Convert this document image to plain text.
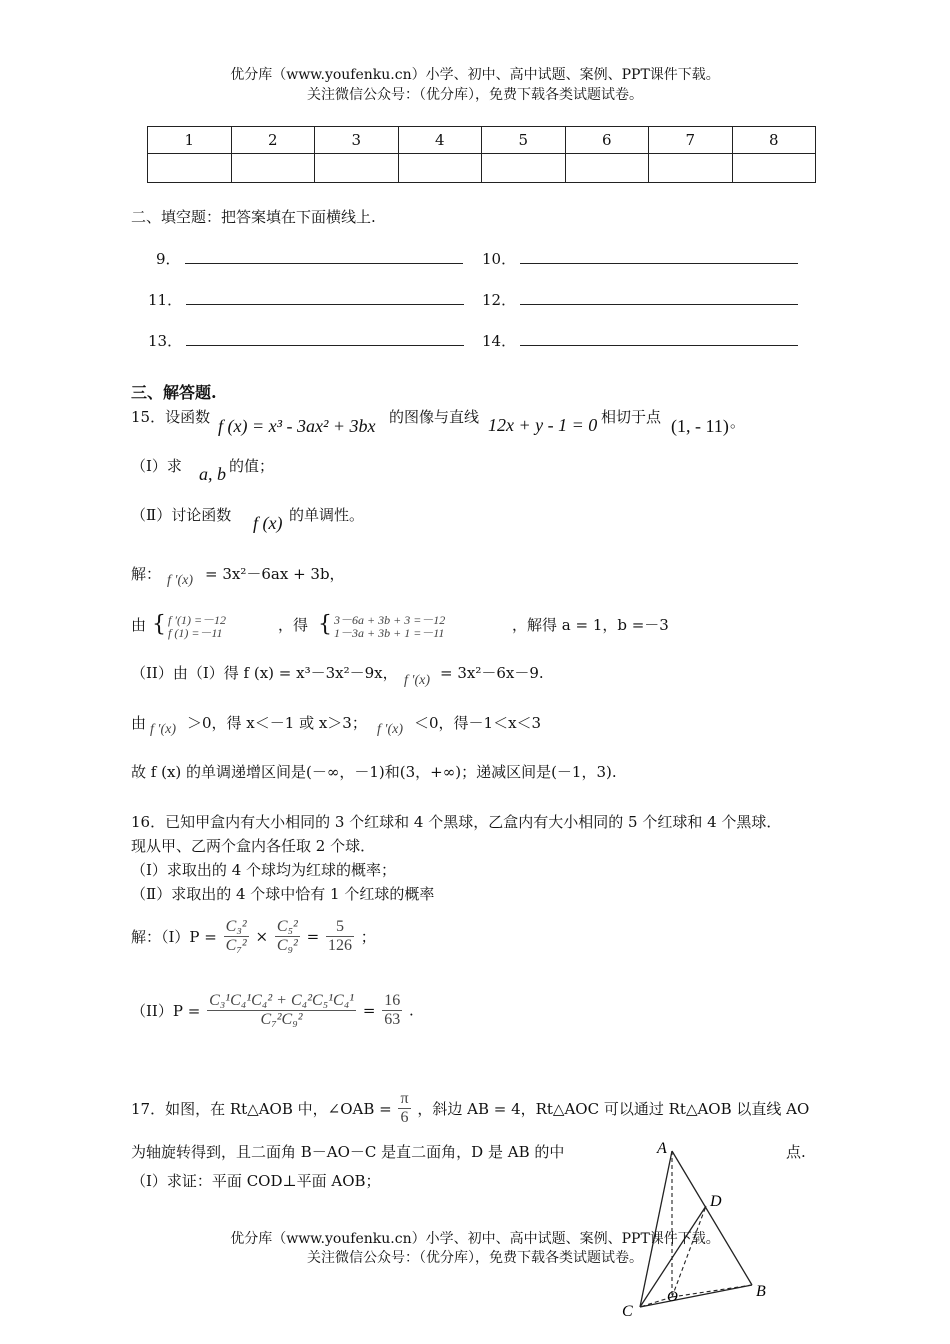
优分库（www.youfenku.cn）小学、初中、高中试题、案例、PPT课件下载。
关注微信公众号：（优分库），免费下载各类试题试卷。
1	2	3	4	5	6	7	8

二、填空题：把答案填在下面横线上.
9．	10．
11．	12．
13．	14．
三、解答题.
15．设函数 f (x) = x³ - 3ax² + 3bx 的图像与直线 12x + y - 1 = 0 相切于点 (1, - 11) 。
（Ⅰ）求 a, b 的值；
（Ⅱ）讨论函数 f (x) 的单调性。
解： f ′(x) = 3x²－6ax + 3b，
由 { f ′(1) =－12
f (1) =－11	，得 { 3－6a + 3b + 3 =－12
1－3a + 3b + 1 =－11	，解得 a = 1，b =－3
（II）由（I）得 f (x) = x³－3x²－9x， f ′(x) = 3x²－6x－9.
由 f ′(x) ＞0，得 x＜－1 或 x＞3； f ′(x) ＜0，得－1＜x＜3
故 f (x) 的单调递增区间是(－∞，－1)和(3，+∞)；递减区间是(－1，3).
16．已知甲盒内有大小相同的 3 个红球和 4 个黑球，乙盒内有大小相同的 5 个红球和 4 个黑球．
现从甲、乙两个盒内各任取 2 个球．
（Ⅰ）求取出的 4 个球均为红球的概率；
（Ⅱ）求取出的 4 个球中恰有 1 个红球的概率
解：$(I)P = \frac{\text{C₃²}}{\text{C₇²}} \times \frac{\text{C₅²}}{\text{C₉²}} = \frac{5}{126}$ ；
$(II)P = \frac{\text{C₃¹C₄¹C₄² + C₄²C₅¹C₄¹}}{\text{C₇²C₉²}} = \frac{16}{63}$ .
17．如图，在 Rt△AOB 中，∠OAB = $\frac{\pi}{6}$ ，斜边 AB = 4，Rt△AOC 可以通过 Rt△AOB 以直线 AO
为轴旋转得到，且二面角 B－AO－C 是直二面角，D 是 AB 的中	点.
（I）求证：平面 COD⊥平面 AOB；
A
D
B
C
O
优分库（www.youfenku.cn）小学、初中、高中试题、案例、PPT课件下载。
关注微信公众号：（优分库），免费下载各类试题试卷。
